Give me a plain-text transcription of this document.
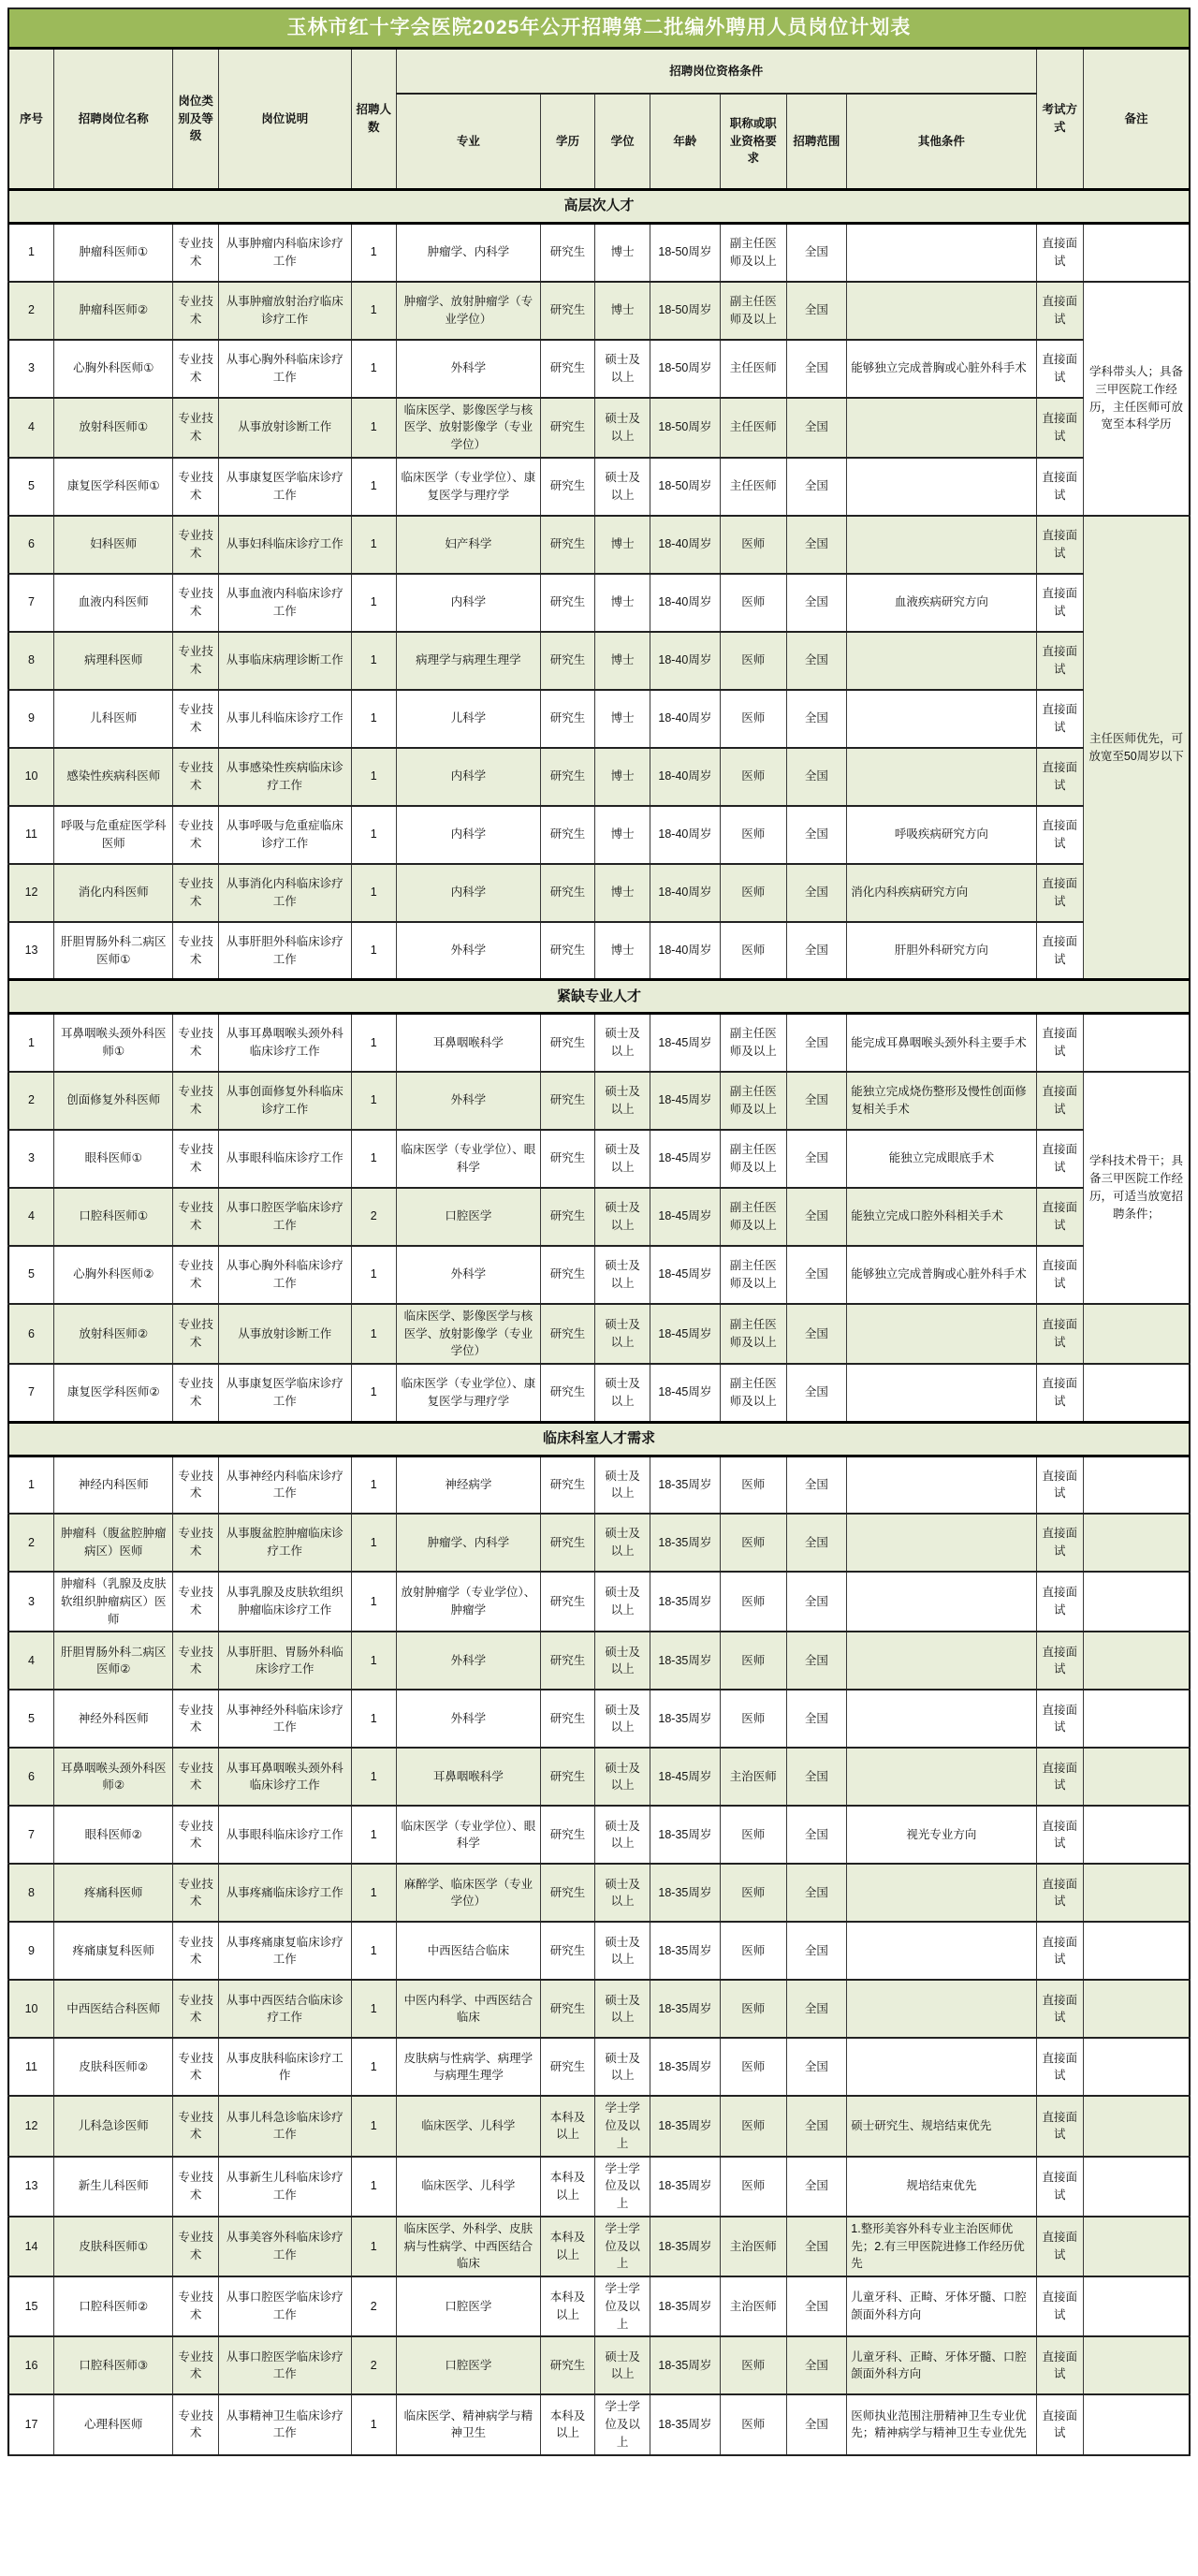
玉林市红十字会医院2025年公开招聘第二批编外聘用人员岗位计划表													
序号	招聘岗位名称	岗位类别及等级	岗位说明	招聘人数	招聘岗位资格条件							考试方式	备注
					专业	学历	学位	年龄	职称或职业资格要求	招聘范围	其他条件		
高层次人才													
1	肿瘤科医师①	专业技术	从事肿瘤内科临床诊疗工作	1	肿瘤学、内科学	研究生	博士	18-50周岁	副主任医师及以上	全国		直接面试	
2	肿瘤科医师②	专业技术	从事肿瘤放射治疗临床诊疗工作	1	肿瘤学、放射肿瘤学（专业学位）	研究生	博士	18-50周岁	副主任医师及以上	全国		直接面试	学科带头人；具备三甲医院工作经历，主任医师可放宽至本科学历
3	心胸外科医师①	专业技术	从事心胸外科临床诊疗工作	1	外科学	研究生	硕士及以上	18-50周岁	主任医师	全国	能够独立完成普胸或心脏外科手术	直接面试	
4	放射科医师①	专业技术	从事放射诊断工作	1	临床医学、影像医学与核医学、放射影像学（专业学位）	研究生	硕士及以上	18-50周岁	主任医师	全国		直接面试	
5	康复医学科医师①	专业技术	从事康复医学临床诊疗工作	1	临床医学（专业学位）、康复医学与理疗学	研究生	硕士及以上	18-50周岁	主任医师	全国		直接面试	
6	妇科医师	专业技术	从事妇科临床诊疗工作	1	妇产科学	研究生	博士	18-40周岁	医师	全国		直接面试	主任医师优先，可放宽至50周岁以下
7	血液内科医师	专业技术	从事血液内科临床诊疗工作	1	内科学	研究生	博士	18-40周岁	医师	全国	血液疾病研究方向	直接面试	
8	病理科医师	专业技术	从事临床病理诊断工作	1	病理学与病理生理学	研究生	博士	18-40周岁	医师	全国		直接面试	
9	儿科医师	专业技术	从事儿科临床诊疗工作	1	儿科学	研究生	博士	18-40周岁	医师	全国		直接面试	
10	感染性疾病科医师	专业技术	从事感染性疾病临床诊疗工作	1	内科学	研究生	博士	18-40周岁	医师	全国		直接面试	
11	呼吸与危重症医学科医师	专业技术	从事呼吸与危重症临床诊疗工作	1	内科学	研究生	博士	18-40周岁	医师	全国	呼吸疾病研究方向	直接面试	
12	消化内科医师	专业技术	从事消化内科临床诊疗工作	1	内科学	研究生	博士	18-40周岁	医师	全国	消化内科疾病研究方向	直接面试	
13	肝胆胃肠外科二病区医师①	专业技术	从事肝胆外科临床诊疗工作	1	外科学	研究生	博士	18-40周岁	医师	全国	肝胆外科研究方向	直接面试	
紧缺专业人才													
1	耳鼻咽喉头颈外科医师①	专业技术	从事耳鼻咽喉头颈外科临床诊疗工作	1	耳鼻咽喉科学	研究生	硕士及以上	18-45周岁	副主任医师及以上	全国	能完成耳鼻咽喉头颈外科主要手术	直接面试	
2	创面修复外科医师	专业技术	从事创面修复外科临床诊疗工作	1	外科学	研究生	硕士及以上	18-45周岁	副主任医师及以上	全国	能独立完成烧伤整形及慢性创面修复相关手术	直接面试	学科技术骨干；具备三甲医院工作经历，可适当放宽招聘条件；
3	眼科医师①	专业技术	从事眼科临床诊疗工作	1	临床医学（专业学位）、眼科学	研究生	硕士及以上	18-45周岁	副主任医师及以上	全国	能独立完成眼底手术	直接面试	
4	口腔科医师①	专业技术	从事口腔医学临床诊疗工作	2	口腔医学	研究生	硕士及以上	18-45周岁	副主任医师及以上	全国	能独立完成口腔外科相关手术	直接面试	
5	心胸外科医师②	专业技术	从事心胸外科临床诊疗工作	1	外科学	研究生	硕士及以上	18-45周岁	副主任医师及以上	全国	能够独立完成普胸或心脏外科手术	直接面试	
6	放射科医师②	专业技术	从事放射诊断工作	1	临床医学、影像医学与核医学、放射影像学（专业学位）	研究生	硕士及以上	18-45周岁	副主任医师及以上	全国		直接面试	
7	康复医学科医师②	专业技术	从事康复医学临床诊疗工作	1	临床医学（专业学位）、康复医学与理疗学	研究生	硕士及以上	18-45周岁	副主任医师及以上	全国		直接面试	
临床科室人才需求													
1	神经内科医师	专业技术	从事神经内科临床诊疗工作	1	神经病学	研究生	硕士及以上	18-35周岁	医师	全国		直接面试	
2	肿瘤科（腹盆腔肿瘤病区）医师	专业技术	从事腹盆腔肿瘤临床诊疗工作	1	肿瘤学、内科学	研究生	硕士及以上	18-35周岁	医师	全国		直接面试	
3	肿瘤科（乳腺及皮肤软组织肿瘤病区）医师	专业技术	从事乳腺及皮肤软组织肿瘤临床诊疗工作	1	放射肿瘤学（专业学位）、肿瘤学	研究生	硕士及以上	18-35周岁	医师	全国		直接面试	
4	肝胆胃肠外科二病区医师②	专业技术	从事肝胆、胃肠外科临床诊疗工作	1	外科学	研究生	硕士及以上	18-35周岁	医师	全国		直接面试	
5	神经外科医师	专业技术	从事神经外科临床诊疗工作	1	外科学	研究生	硕士及以上	18-35周岁	医师	全国		直接面试	
6	耳鼻咽喉头颈外科医师②	专业技术	从事耳鼻咽喉头颈外科临床诊疗工作	1	耳鼻咽喉科学	研究生	硕士及以上	18-45周岁	主治医师	全国		直接面试	
7	眼科医师②	专业技术	从事眼科临床诊疗工作	1	临床医学（专业学位）、眼科学	研究生	硕士及以上	18-35周岁	医师	全国	视光专业方向	直接面试	
8	疼痛科医师	专业技术	从事疼痛临床诊疗工作	1	麻醉学、临床医学（专业学位）	研究生	硕士及以上	18-35周岁	医师	全国		直接面试	
9	疼痛康复科医师	专业技术	从事疼痛康复临床诊疗工作	1	中西医结合临床	研究生	硕士及以上	18-35周岁	医师	全国		直接面试	
10	中西医结合科医师	专业技术	从事中西医结合临床诊疗工作	1	中医内科学、中西医结合临床	研究生	硕士及以上	18-35周岁	医师	全国		直接面试	
11	皮肤科医师②	专业技术	从事皮肤科临床诊疗工作	1	皮肤病与性病学、病理学与病理生理学	研究生	硕士及以上	18-35周岁	医师	全国		直接面试	
12	儿科急诊医师	专业技术	从事儿科急诊临床诊疗工作	1	临床医学、儿科学	本科及以上	学士学位及以上	18-35周岁	医师	全国	硕士研究生、规培结束优先	直接面试	
13	新生儿科医师	专业技术	从事新生儿科临床诊疗工作	1	临床医学、儿科学	本科及以上	学士学位及以上	18-35周岁	医师	全国	规培结束优先	直接面试	
14	皮肤科医师①	专业技术	从事美容外科临床诊疗工作	1	临床医学、外科学、皮肤病与性病学、中西医结合临床	本科及以上	学士学位及以上	18-35周岁	主治医师	全国	1.整形美容外科专业主治医师优先；2.有三甲医院进修工作经历优先	直接面试	
15	口腔科医师②	专业技术	从事口腔医学临床诊疗工作	2	口腔医学	本科及以上	学士学位及以上	18-35周岁	主治医师	全国	儿童牙科、正畸、牙体牙髓、口腔颌面外科方向	直接面试	
16	口腔科医师③	专业技术	从事口腔医学临床诊疗工作	2	口腔医学	研究生	硕士及以上	18-35周岁	医师	全国	儿童牙科、正畸、牙体牙髓、口腔颌面外科方向	直接面试	
17	心理科医师	专业技术	从事精神卫生临床诊疗工作	1	临床医学、精神病学与精神卫生	本科及以上	学士学位及以上	18-35周岁	医师	全国	医师执业范围注册精神卫生专业优先；精神病学与精神卫生专业优先	直接面试	
